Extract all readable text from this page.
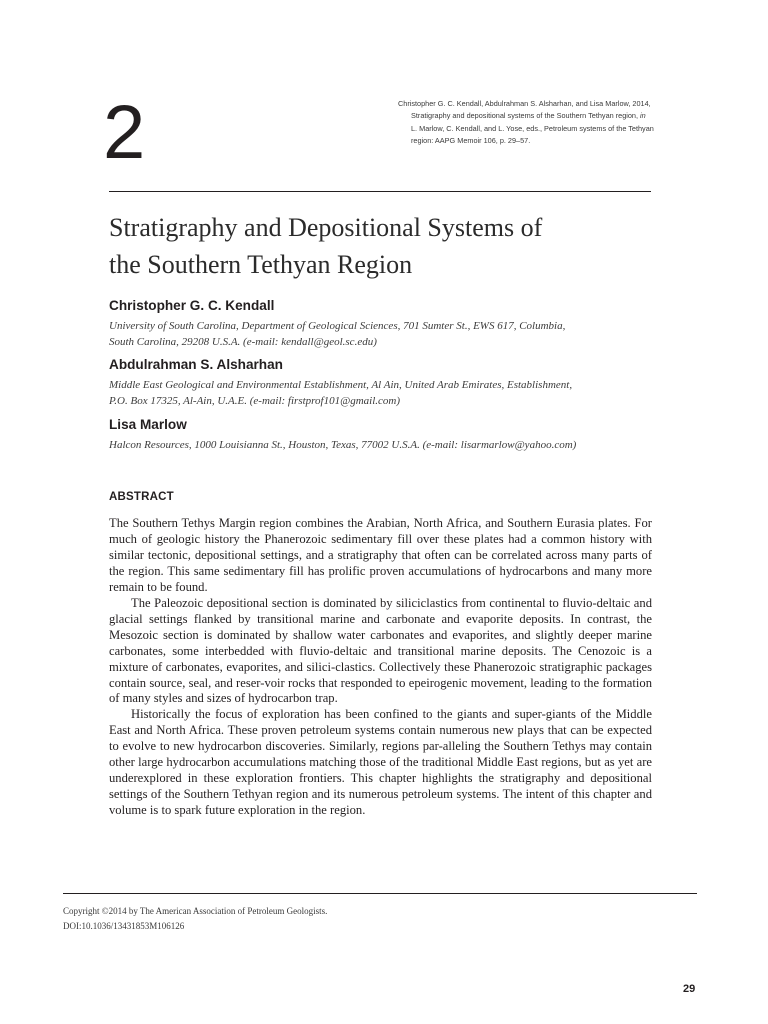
2	Christopher G. C. Kendall, Abdulrahman S. Alsharhan, and Lisa Marlow, 2014,
Stratigraphy and depositional systems of the Southern Tethyan region, in
L. Marlow, C. Kendall, and L. Yose, eds., Petroleum systems of the Tethyan
region: AAPG Memoir 106, p. 29–57.
Stratigraphy and Depositional Systems of
the Southern Tethyan Region
Christopher G. C. Kendall
University of South Carolina, Department of Geological Sciences, 701 Sumter St., EWS 617, Columbia,
South Carolina, 29208 U.S.A. (e-mail: kendall@geol.sc.edu)
Abdulrahman S. Alsharhan
Middle East Geological and Environmental Establishment, Al Ain, United Arab Emirates, Establishment,
P.O. Box 17325, Al-Ain, U.A.E. (e-mail: firstprof101@gmail.com)
Lisa Marlow
Halcon Resources, 1000 Louisianna St., Houston, Texas, 77002 U.S.A. (e-mail: lisarmarlow@yahoo.com)
ABSTRACT

The Southern Tethys Margin region combines the Arabian, North Africa, and Southern Eurasia plates. For much of geologic history the Phanerozoic sedimentary fill over these plates had a common history with similar tectonic, depositional settings, and a stratigraphy that often can be correlated across many parts of the region. This same sedimentary fill has prolific proven accumulations of hydrocarbons and many more remain to be found.

The Paleozoic depositional section is dominated by siliciclastics from continental to fluvio-deltaic and glacial settings flanked by transitional marine and carbonate and evaporite deposits. In contrast, the Mesozoic section is dominated by shallow water carbonates and evaporites, and slightly deeper marine carbonates, some interbedded with fluvio-deltaic and transitional marine deposits. The Cenozoic is a mixture of carbonates, evaporites, and silici-clastics. Collectively these Phanerozoic stratigraphic packages contain source, seal, and reser-voir rocks that responded to epeirogenic movement, leading to the formation of many styles and sizes of hydrocarbon trap.

Historically the focus of exploration has been confined to the giants and super-giants of the Middle East and North Africa. These proven petroleum systems contain numerous new plays that can be expected to evolve to new hydrocarbon discoveries. Similarly, regions par-alleling the Southern Tethys may contain other large hydrocarbon accumulations matching those of the traditional Middle East regions, but as yet are underexplored in these exploration frontiers. This chapter highlights the stratigraphy and depositional settings of the Southern Tethyan region and its numerous petroleum systems. The intent of this chapter and volume is to spark future exploration in the region.

Copyright ©2014 by The American Association of Petroleum Geologists.
DOI:10.1036/13431853M106126
29
